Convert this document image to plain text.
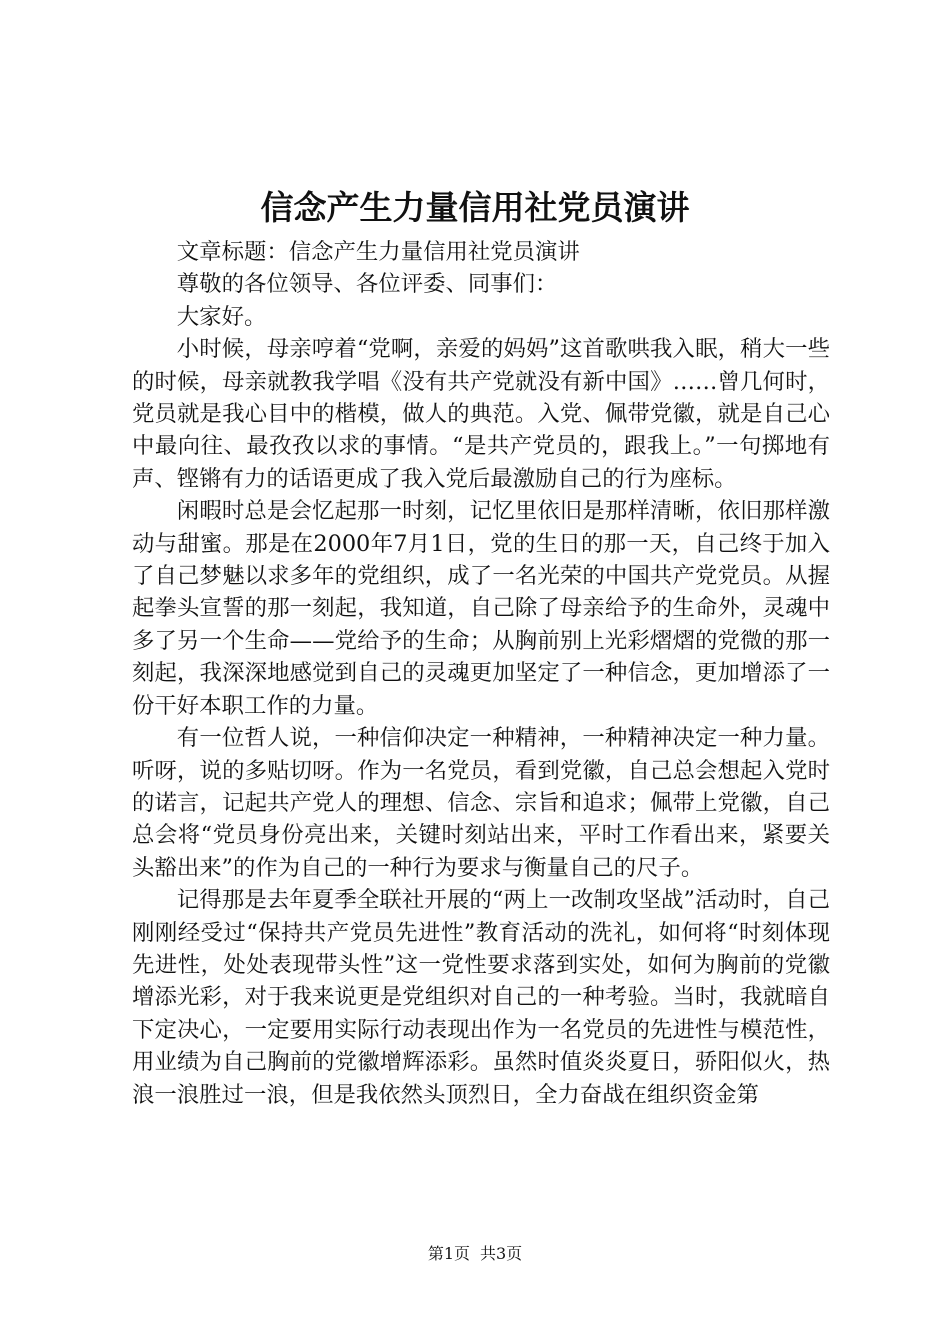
信念产生力量信用社党员演讲

文章标题：信念产生力量信用社党员演讲

尊敬的各位领导、各位评委、同事们：

大家好。

小时候，母亲哼着“党啊，亲爱的妈妈”这首歌哄我入眠，稍大一些的时候，母亲就教我学唱《没有共产党就没有新中国》……曾几何时，党员就是我心目中的楷模，做人的典范。入党、佩带党徽，就是自己心中最向往、最孜孜以求的事情。“是共产党员的，跟我上。”一句掷地有声、铿锵有力的话语更成了我入党后最激励自己的行为座标。

闲暇时总是会忆起那一时刻，记忆里依旧是那样清晰，依旧那样激动与甜蜜。那是在2000年7月1日，党的生日的那一天，自己终于加入了自己梦魅以求多年的党组织，成了一名光荣的中国共产党党员。从握起拳头宣誓的那一刻起，我知道，自己除了母亲给予的生命外，灵魂中多了另一个生命——党给予的生命；从胸前别上光彩熠熠的党微的那一刻起，我深深地感觉到自己的灵魂更加坚定了一种信念，更加增添了一份干好本职工作的力量。

有一位哲人说，一种信仰决定一种精神，一种精神决定一种力量。听呀，说的多贴切呀。作为一名党员，看到党徽，自己总会想起入党时的诺言，记起共产党人的理想、信念、宗旨和追求；佩带上党徽，自己总会将“党员身份亮出来，关键时刻站出来，平时工作看出来，紧要关头豁出来”的作为自己的一种行为要求与衡量自己的尺子。

记得那是去年夏季全联社开展的“两上一改制攻坚战”活动时，自己刚刚经受过“保持共产党员先进性”教育活动的洗礼，如何将“时刻体现先进性，处处表现带头性”这一党性要求落到实处，如何为胸前的党徽增添光彩，对于我来说更是党组织对自己的一种考验。当时，我就暗自下定决心，一定要用实际行动表现出作为一名党员的先进性与模范性，用业绩为自己胸前的党徽增辉添彩。虽然时值炎炎夏日，骄阳似火，热浪一浪胜过一浪，但是我依然头顶烈日，全力奋战在组织资金第

第1页 共3页
